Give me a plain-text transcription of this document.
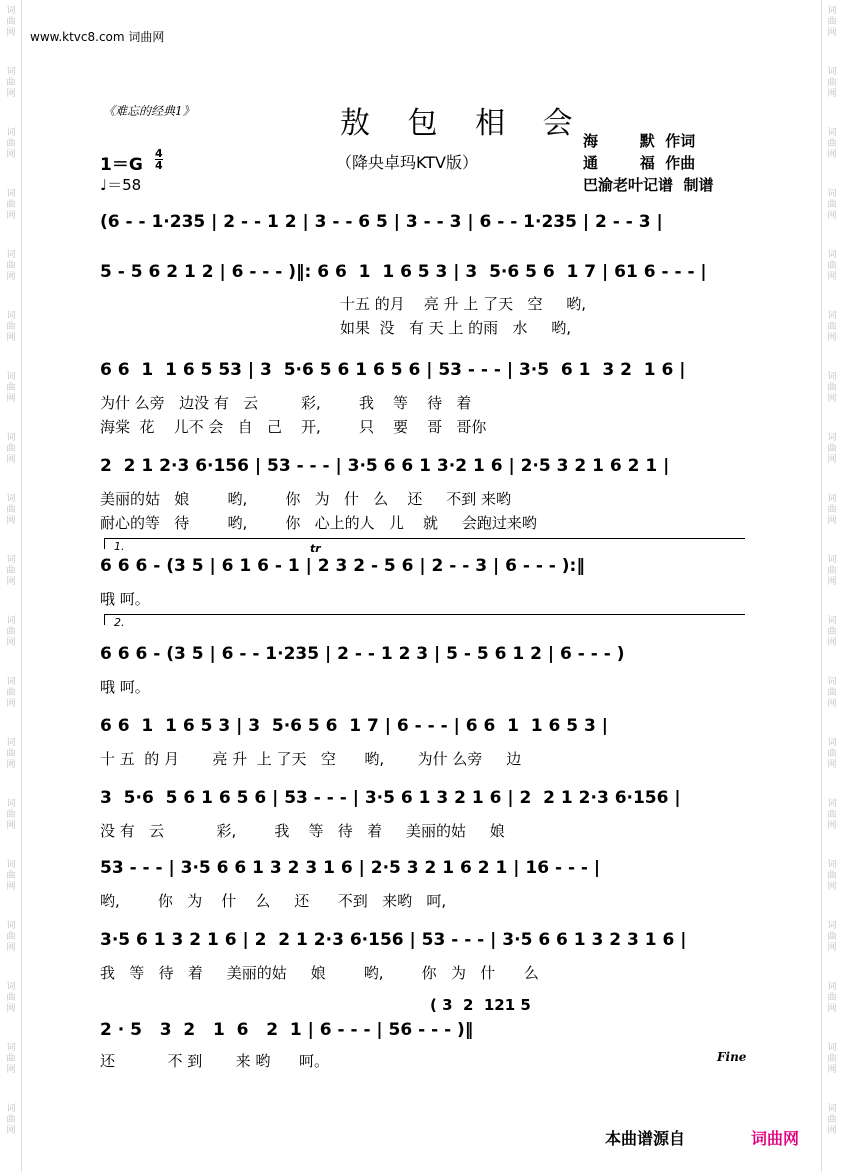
词
曲
网
词
曲
网
词
曲
网
词
曲
网
词
曲
网
词
曲
网
词
曲
网
词
曲
网
词
曲
网
词
曲
网
词
曲
网
词
曲
网
词
曲
网
词
曲
网
词
曲
网
词
曲
网
词
曲
网
词
曲
网
词
曲
网
词
曲
网
词
曲
网
词
曲
网
词
曲
网
词
曲
网
词
曲
网
词
曲
网
词
曲
网
词
曲
网
词
曲
网
词
曲
网
词
曲
网
词
曲
网
词
曲
网
词
曲
网
词
曲
网
词
曲
网
词
曲
网
词
曲
网
www.ktvc8.com 词曲网
《难忘的经典1》	敖 包 相 会
（降央卓玛KTV版）
1＝G
4
4
♩＝58
海        默  作词
通        福  作曲
巴渝老叶记谱  制谱
(6 - - 1·235 | 2 - - 1 2 | 3 - - 6 5 | 3 - - 3 | 6 - - 1·235 | 2 - - 3 |
5 - 5 6 2 1 2 | 6 - - - )‖: 6 6  1  1 6 5 3 | 3  5·6 5 6  1 7 | 61 6 - - - |
十五 的月    亮 升 上 了天   空     哟,
如果  没   有 天 上 的雨   水     哟,
6 6  1  1 6 5 53 | 3  5·6 5 6 1 6 5 6 | 53 - - - | 3·5  6 1  3 2  1 6 |
为什 么旁   边没 有   云         彩,        我    等    待   着
海棠  花    儿不 会   自   己    开,        只    要    哥   哥你
2  2 1 2·3 6·156 | 53 - - - | 3·5 6 6 1 3·2 1 6 | 2·5 3 2 1 6 2 1 |
美丽的姑   娘        哟,        你   为   什   么    还     不到 来哟
耐心的等   待        哟,        你   心上的人   儿    就     会跑过来哟
1.	tr
6 6 6 - (3 5 | 6 1 6 - 1 | 2 3 2 - 5 6 | 2 - - 3 | 6 - - - ):‖
哦 呵。
2.
6 6 6 - (3 5 | 6 - - 1·235 | 2 - - 1 2 3 | 5 - 5 6 1 2 | 6 - - - )
哦 呵。
6 6  1  1 6 5 3 | 3  5·6 5 6  1 7 | 6 - - - | 6 6  1  1 6 5 3 |
十 五  的 月       亮 升  上 了天   空      哟,       为什 么旁     边
3  5·6  5 6 1 6 5 6 | 53 - - - | 3·5 6 1 3 2 1 6 | 2  2 1 2·3 6·156 |
没 有   云           彩,        我    等   待   着     美丽的姑     娘
53 - - - | 3·5 6 6 1 3 2 3 1 6 | 2·5 3 2 1 6 2 1 | 16 - - - |
哟,        你   为    什    么     还      不到   来哟   呵,
3·5 6 1 3 2 1 6 | 2  2 1 2·3 6·156 | 53 - - - | 3·5 6 6 1 3 2 3 1 6 |
我   等   待   着     美丽的姑     娘        哟,        你   为   什      么
( 3  2  121 5
2 · 5   3  2   1  6   2  1 | 6 - - - | 56 - - - )‖
还           不 到       来 哟      呵。	Fine
本曲谱源自	词曲网
